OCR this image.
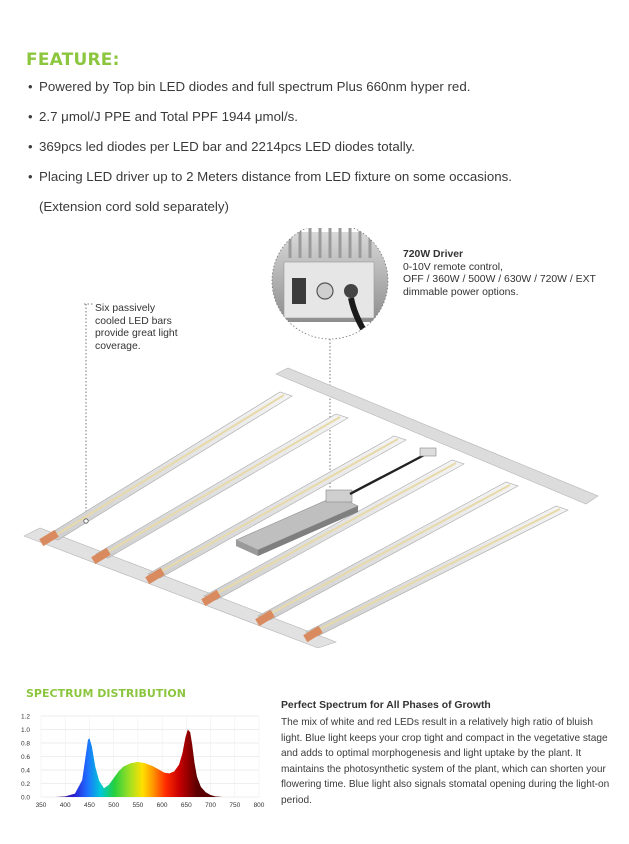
FEATURE:
• Powered by Top bin LED diodes and full spectrum Plus 660nm hyper red.
• 2.7 μmol/J PPE and Total PPF 1944 μmol/s.
• 369pcs led diodes per LED bar and 2214pcs LED diodes totally.
• Placing LED driver up to 2 Meters distance from LED fixture on some occasions.
(Extension cord sold separately)
720W Driver
0-10V remote control,
OFF / 360W / 500W / 630W / 720W / EXT
dimmable power options.
Six passively
cooled LED bars
provide great light
coverage.
SPECTRUM DISTRIBUTION
0.0
0.2
0.4
0.6
0.8
1.0
1.2
350 400 450 500 550 600 650 700 750 800
Perfect Spectrum for All Phases of Growth

The mix of white and red LEDs result in a relatively high ratio of bluish light. Blue light keeps your crop tight and compact in the vegetative stage and adds to optimal morphogenesis and light uptake by the plant. It maintains the photosynthetic system of the plant, which can shorten your flowering time. Blue light also signals stomatal opening during the light-on period.
